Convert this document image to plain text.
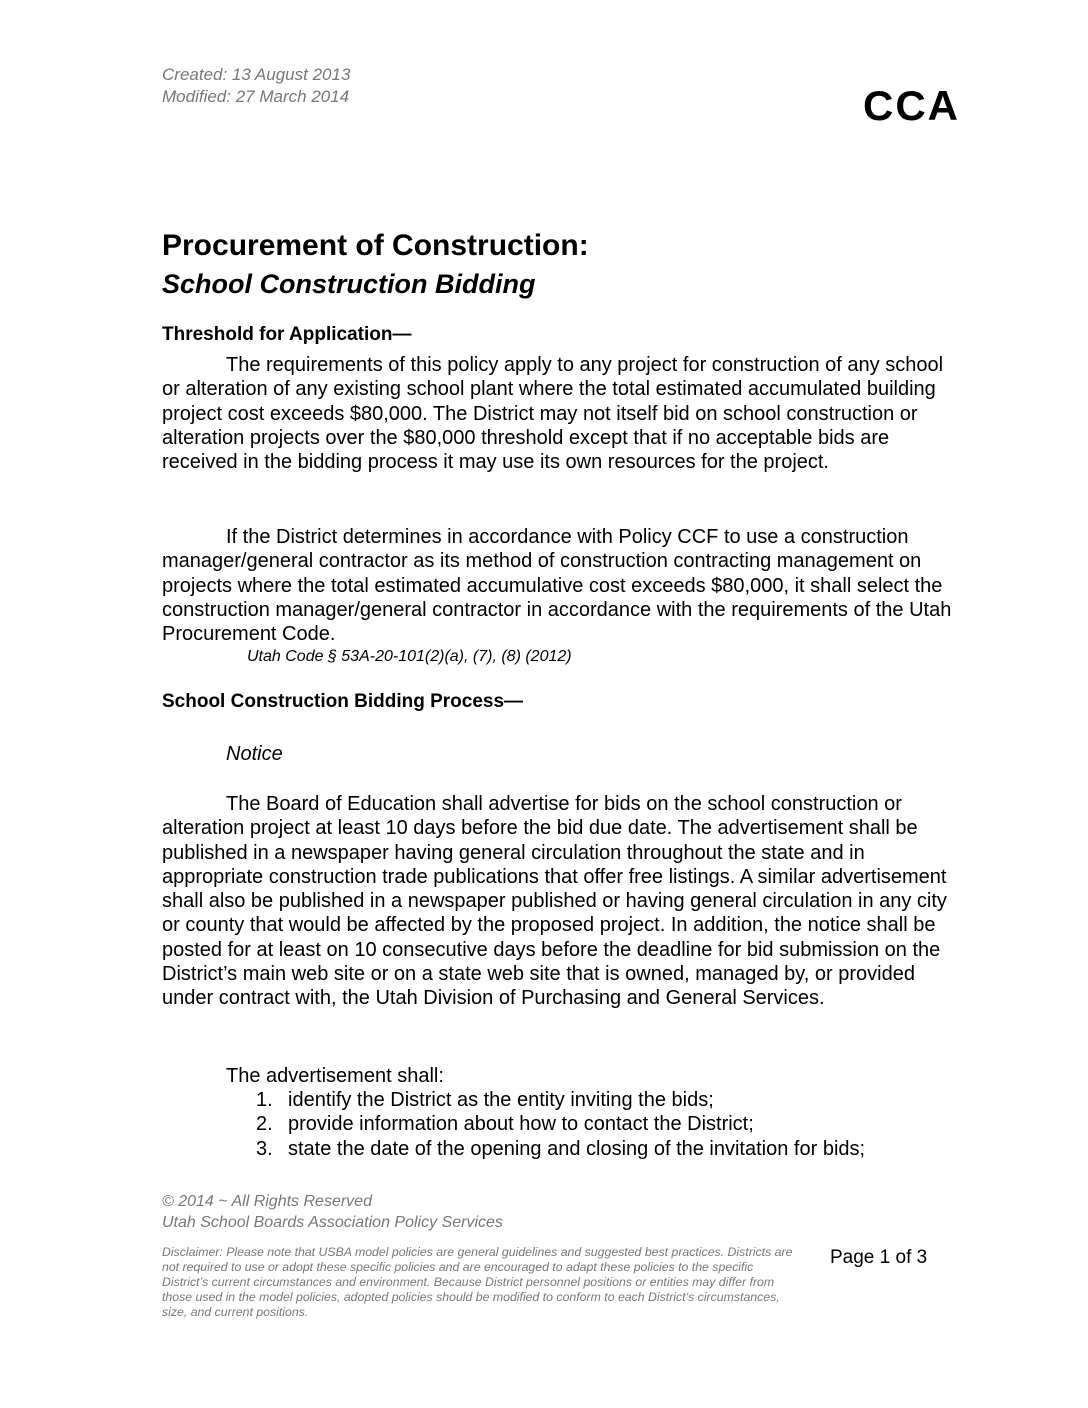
Created: 13 August 2013
Modified: 27 March 2014	CCA
Procurement of Construction:
School Construction Bidding
Threshold for Application—

The requirements of this policy apply to any project for construction of any school or alteration of any existing school plant where the total estimated accumulated building project cost exceeds $80,000. The District may not itself bid on school construction or alteration projects over the $80,000 threshold except that if no acceptable bids are received in the bidding process it may use its own resources for the project.

If the District determines in accordance with Policy CCF to use a construction manager/general contractor as its method of construction contracting management on projects where the total estimated accumulative cost exceeds $80,000, it shall select the construction manager/general contractor in accordance with the requirements of the Utah Procurement Code.

Utah Code § 53A-20-101(2)(a), (7), (8) (2012)
School Construction Bidding Process—
Notice

The Board of Education shall advertise for bids on the school construction or alteration project at least 10 days before the bid due date. The advertisement shall be published in a newspaper having general circulation throughout the state and in appropriate construction trade publications that offer free listings. A similar advertisement shall also be published in a newspaper published or having general circulation in any city or county that would be affected by the proposed project. In addition, the notice shall be posted for at least on 10 consecutive days before the deadline for bid submission on the District’s main web site or on a state web site that is owned, managed by, or provided under contract with, the Utah Division of Purchasing and General Services.

The advertisement shall:
1. identify the District as the entity inviting the bids;
2. provide information about how to contact the District;
3. state the date of the opening and closing of the invitation for bids;
© 2014 ~ All Rights Reserved
Utah School Boards Association Policy Services
Disclaimer: Please note that USBA model policies are general guidelines and suggested best practices. Districts are not required to use or adopt these specific policies and are encouraged to adapt these policies to the specific District’s current circumstances and environment. Because District personnel positions or entities may differ from those used in the model policies, adopted policies should be modified to conform to each District’s circumstances, size, and current positions.
Page 1 of 3
